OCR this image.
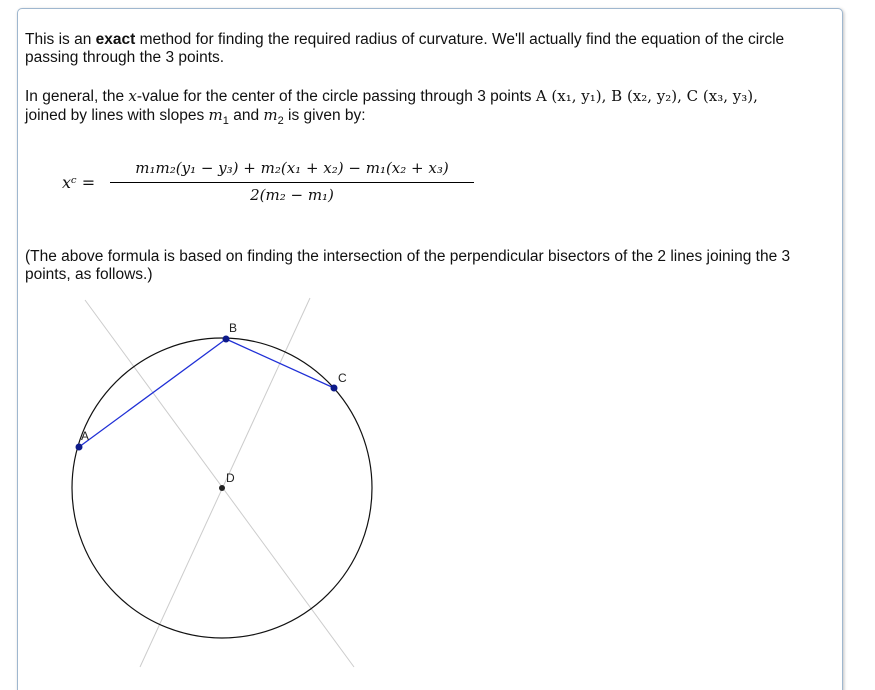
This is an exact method for finding the required radius of curvature. We'll actually find the equation of the circle passing through the 3 points.

In general, the x-value for the center of the circle passing through 3 points A (x₁, y₁), B (x₂, y₂), C (x₃, y₃),
joined by lines with slopes $m_1$ and $m_2$ is given by:

xᶜ =
m₁m₂(y₁ − y₃) + m₂(x₁ + x₂) − m₁(x₂ + x₃)
2(m₂ − m₁)

(The above formula is based on finding the intersection of the perpendicular bisectors of the 2 lines joining the 3 points, as follows.)

A
B
C
D
